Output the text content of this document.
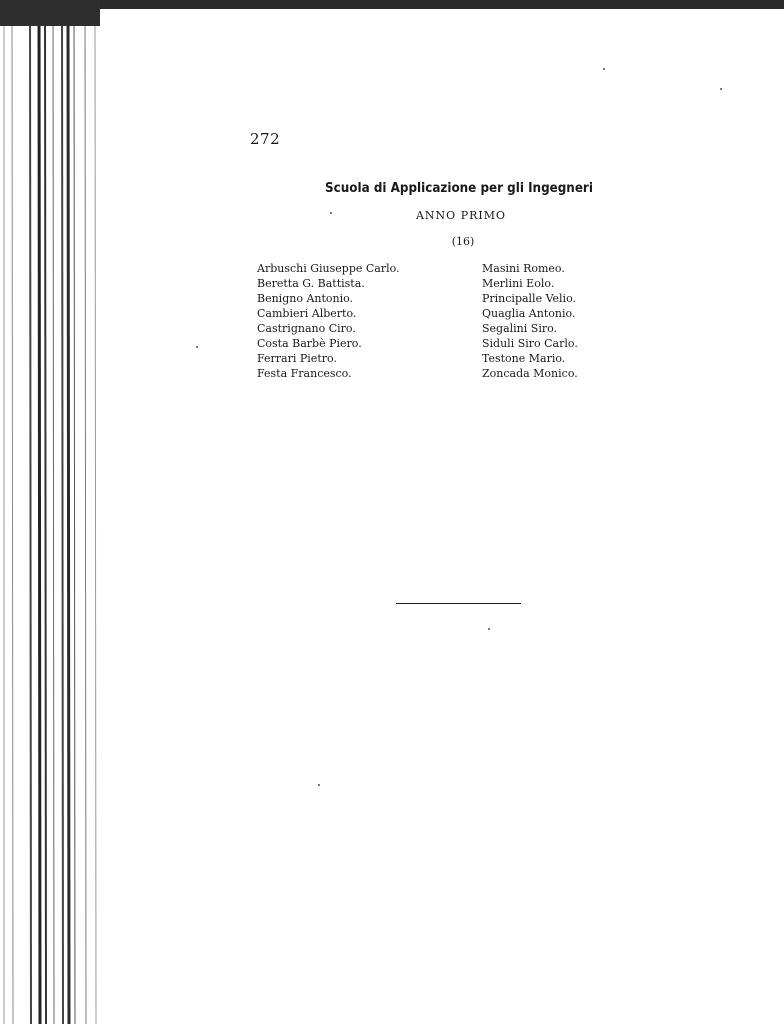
272
Scuola di Applicazione per gli Ingegneri
ANNO PRIMO
(16)
Arbuschi Giuseppe Carlo.
Beretta G. Battista.
Benigno Antonio.
Cambieri Alberto.
Castrignano Ciro.
Costa Barbè Piero.
Ferrari Pietro.
Festa Francesco.
Masini Romeo.
Merlini Eolo.
Principalle Velio.
Quaglia Antonio.
Segalini Siro.
Siduli Siro Carlo.
Testone Mario.
Zoncada Monico.
